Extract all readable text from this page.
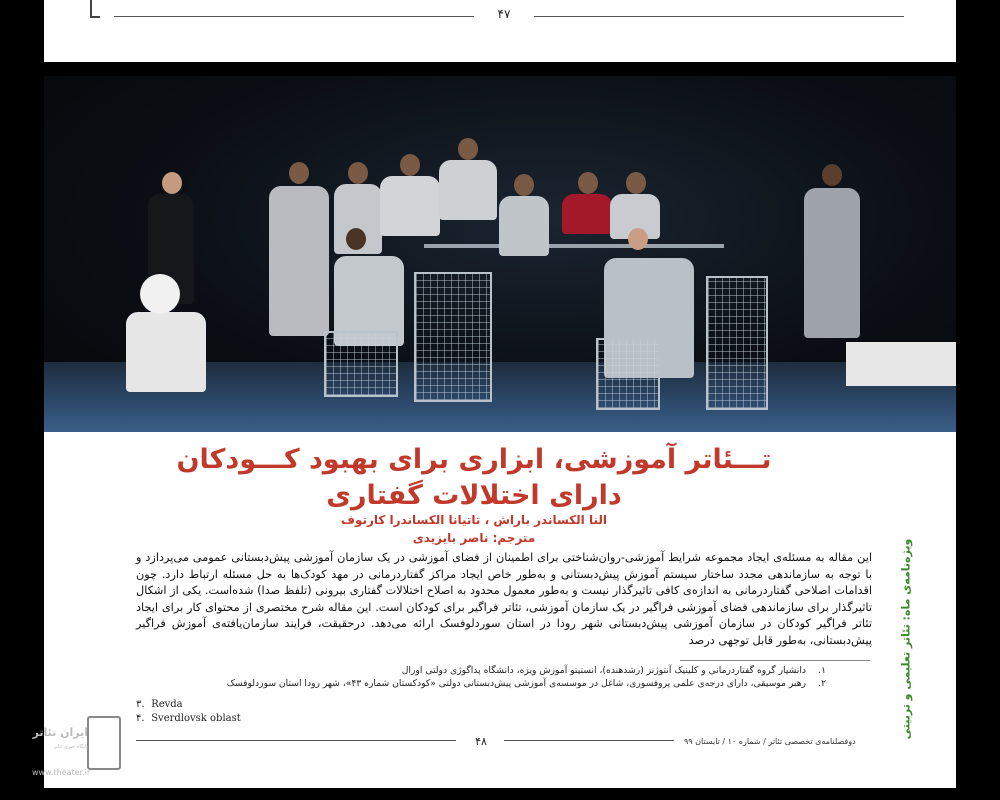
۴۷
تـــئاتر آموزشی، ابزاری برای بهبود کـــودکان
دارای اختلالات گفتاری
النا الکساندر باراش ، تاتیانا الکساندرا کارتوف
مترجم: ناصر بایزیدی

این مقاله به مسئله‌ی ایجاد مجموعه شرایط آموزشی-روان‌شناختی برای اطمینان از فضای آموزشی در یک سازمان آموزشی پیش‌دبستانی عمومی می‌پردازد و با توجه به سازماندهی مجدد ساختار سیستم آموزش پیش‌دبستانی و به‌طور خاص ایجاد مراکز گفتاردرمانی در مهد کودک‌ها به حل مسئله ارتباط دارد. چون اقدامات اصلاحی گفتاردرمانی به اندازه‌ی کافی تاثیرگذار نیست و به‌طور معمول محدود به اصلاح اختلالات گفتاری بیرونی (تلفظ صدا) شده‌است. یکی از اشکال تاثیرگذار برای سازماندهی فضای آموزشی فراگیر در یک سازمان آموزشی، تئاتر فراگیر برای کودکان است. این مقاله شرح مختصری از محتوای کار برای ایجاد تئاتر فراگیر کودکان در سازمان آموزشی پیش‌دبستانی شهر رودا در استان سوردلوفسک ارائه می‌دهد. درحقیقت، فرایند سازمان‌یافته‌ی آموزش فراگیر پیش‌دبستانی، به‌طور قابل توجهی درصد

۱.
دانشیار گروه گفتاردرمانی و کلینیک آنتوژنز (رشدهنده)، انستیتو آموزش ویژه، دانشگاه پداگوژی دولتی اورال
۲.
رهبر موسیقی، دارای درجه‌ی علمی پروفسوری، شاغل در موسسه‌ی آموزشی پیش‌دبستانی دولتی «کودکستان شماره ۴۳»، شهر رودا استان سوردلوفسک
۳. Revda
۴. Sverdlovsk oblast
۴۸	دوفصلنامه‌ی تخصصی تئاتر / شماره ۱۰ / تابستان ۹۹
ویژه‌نامه‌ی ماه: تئاتر تعلیمی و تربیتی
ایران تئاتر
پایگاه خبری تئاتر
www.theater.ir
